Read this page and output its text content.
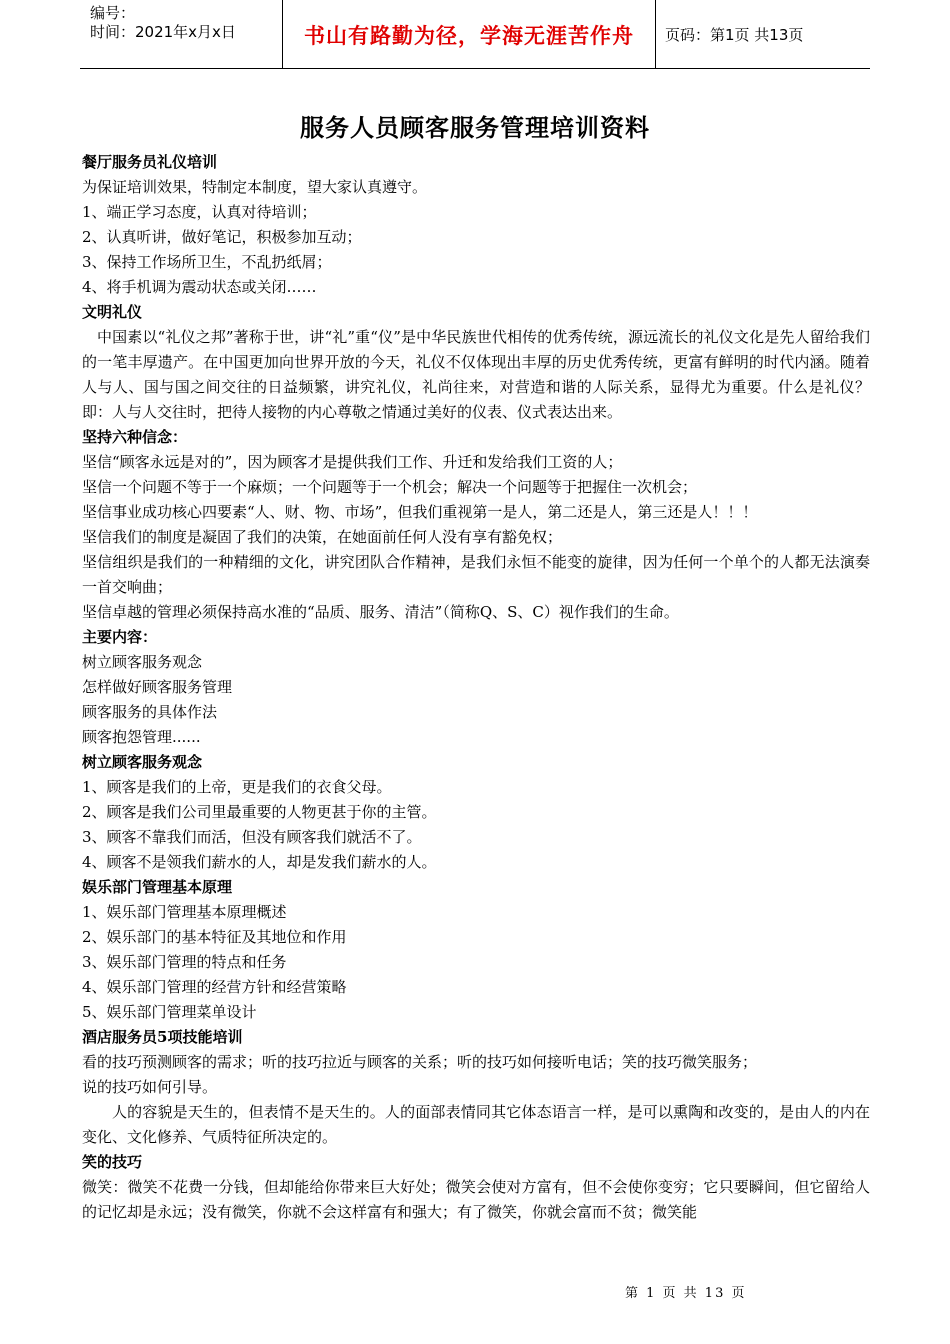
编号：
时间：2021年x月x日	书山有路勤为径，学海无涯苦作舟	页码：第1页 共13页
服务人员顾客服务管理培训资料
餐厅服务员礼仪培训
为保证培训效果，特制定本制度，望大家认真遵守。
1、端正学习态度，认真对待培训；
2、认真听讲，做好笔记，积极参加互动；
3、保持工作场所卫生，不乱扔纸屑；
4、将手机调为震动状态或关闭……
文明礼仪
中国素以“礼仪之邦”著称于世，讲“礼”重“仪”是中华民族世代相传的优秀传统，源远流长的礼仪文化是先人留给我们的一笔丰厚遗产。在中国更加向世界开放的今天，礼仪不仅体现出丰厚的历史优秀传统，更富有鲜明的时代内涵。随着人与人、国与国之间交往的日益频繁，讲究礼仪，礼尚往来，对营造和谐的人际关系，显得尤为重要。什么是礼仪？即：人与人交往时，把待人接物的内心尊敬之情通过美好的仪表、仪式表达出来。
坚持六种信念：
坚信“顾客永远是对的”，因为顾客才是提供我们工作、升迁和发给我们工资的人；
坚信一个问题不等于一个麻烦；一个问题等于一个机会；解决一个问题等于把握住一次机会；
坚信事业成功核心四要素“人、财、物、市场”，但我们重视第一是人，第二还是人，第三还是人！！！
坚信我们的制度是凝固了我们的决策，在她面前任何人没有享有豁免权；
坚信组织是我们的一种精细的文化，讲究团队合作精神，是我们永恒不能变的旋律，因为任何一个单个的人都无法演奏一首交响曲；
坚信卓越的管理必须保持高水准的“品质、服务、清洁”（简称Q、S、C）视作我们的生命。
主要内容：
树立顾客服务观念
怎样做好顾客服务管理
顾客服务的具体作法
顾客抱怨管理......
树立顾客服务观念
1、顾客是我们的上帝，更是我们的衣食父母。
2、顾客是我们公司里最重要的人物更甚于你的主管。
3、顾客不靠我们而活，但没有顾客我们就活不了。
4、顾客不是领我们薪水的人，却是发我们薪水的人。
娱乐部门管理基本原理
1、娱乐部门管理基本原理概述
2、娱乐部门的基本特征及其地位和作用
3、娱乐部门管理的特点和任务
4、娱乐部门管理的经营方针和经营策略
5、娱乐部门管理菜单设计
酒店服务员5项技能培训
看的技巧预测顾客的需求；听的技巧拉近与顾客的关系；听的技巧如何接听电话；笑的技巧微笑服务；
说的技巧如何引导。
人的容貌是天生的，但表情不是天生的。人的面部表情同其它体态语言一样，是可以熏陶和改变的，是由人的内在变化、文化修养、气质特征所决定的。
笑的技巧
微笑：微笑不花费一分钱，但却能给你带来巨大好处；微笑会使对方富有，但不会使你变穷；它只要瞬间，但它留给人的记忆却是永远；没有微笑，你就不会这样富有和强大；有了微笑，你就会富而不贫；微笑能
第 1 页 共 13 页
